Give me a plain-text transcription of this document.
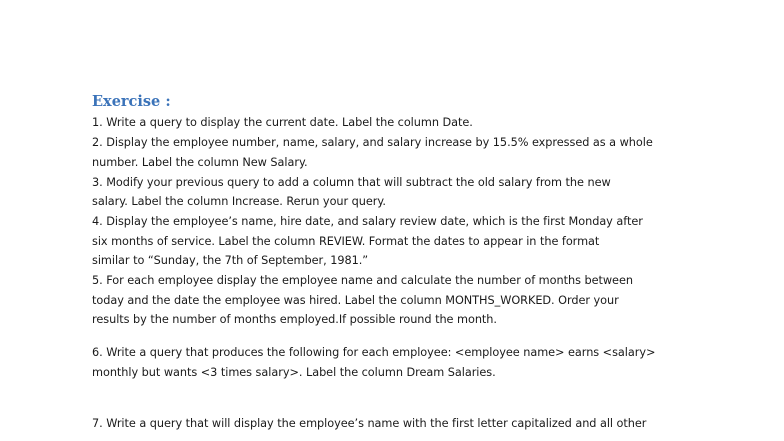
Exercise :
1. Write a query to display the current date. Label the column Date.
2. Display the employee number, name, salary, and salary increase by 15.5% expressed as a whole
number. Label the column New Salary.
3. Modify your previous query to add a column that will subtract the old salary from the new
salary. Label the column Increase. Rerun your query.
4. Display the employee’s name, hire date, and salary review date, which is the first Monday after
six months of service. Label the column REVIEW. Format the dates to appear in the format
similar to “Sunday, the 7th of September, 1981.”
5. For each employee display the employee name and calculate the number of months between
today and the date the employee was hired. Label the column MONTHS_WORKED. Order your
results by the number of months employed.If possible round the month.
6. Write a query that produces the following for each employee: <employee name> earns <salary>
monthly but wants <3 times salary>. Label the column Dream Salaries.
7. Write a query that will display the employee’s name with the first letter capitalized and all other
